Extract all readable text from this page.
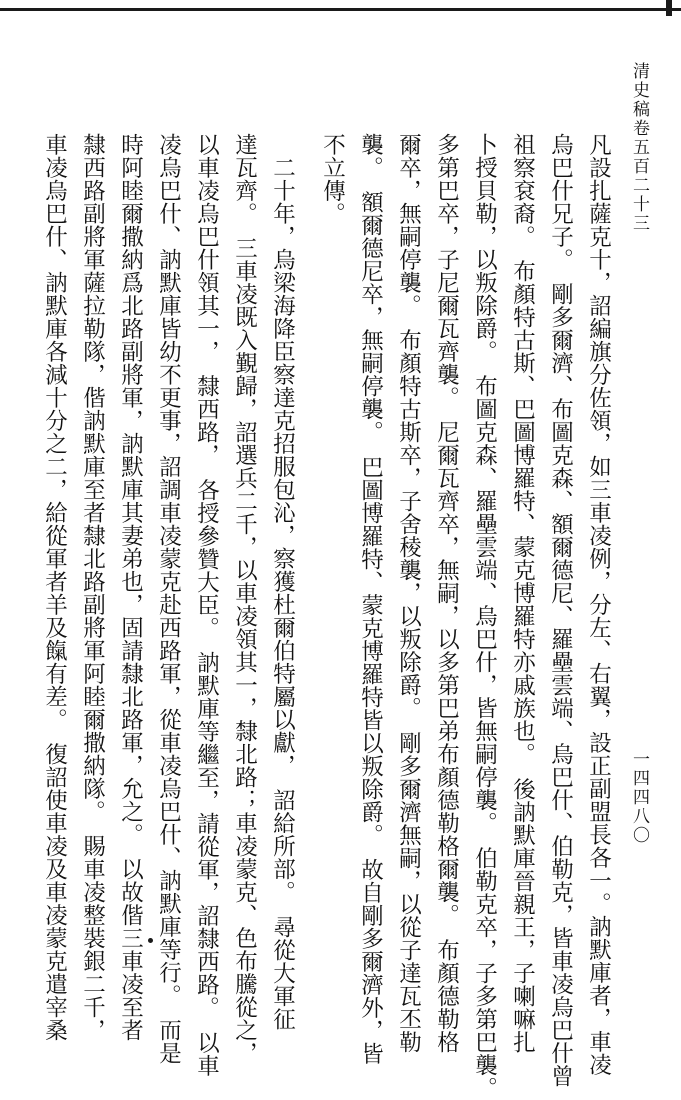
清史稿卷五百二十三
一四四八〇
凡設扎薩克十，詔編旗分佐領，如三車凌例，分左、右翼，設正副盟長各一。訥默庫者，車凌
烏巴什兄子。　剛多爾濟、布圖克森、額爾德尼、羅壘雲端、烏巴什、伯勒克，皆車凌烏巴什曾
祖察袞裔。　布顏特古斯、巴圖博羅特、蒙克博羅特亦戚族也。　後訥默庫晉親王，子喇嘛扎
卜授貝勒，以叛除爵。　布圖克森、羅壘雲端、烏巴什，皆無嗣停襲。　伯勒克卒，子多第巴襲。
多第巴卒，子尼爾瓦齊襲。　尼爾瓦齊卒，無嗣，以多第巴弟布顏德勒格爾襲。　布顏德勒格
爾卒，無嗣停襲。　布顏特古斯卒，子舍稜襲，以叛除爵。　剛多爾濟無嗣，以從子達瓦丕勒
襲。　額爾德尼卒，無嗣停襲。　巴圖博羅特、蒙克博羅特皆以叛除爵。　故自剛多爾濟外，皆
不立傳。
　二十年，烏梁海降臣察達克招服包沁，察獲杜爾伯特屬以獻，　詔給所部。　尋從大軍征
達瓦齊。　三車凌既入覲歸，詔選兵二千，以車凌領其一，隸北路；車凌蒙克、色布騰從之，
以車凌烏巴什領其一，　隸西路，　各授參贊大臣。　訥默庫等繼至，請從軍，詔隸西路。　以車
凌烏巴什、訥默庫皆幼不更事，詔調車凌蒙克赴西路軍，從車凌烏巴什、訥默庫等行。　而是
時阿睦爾撒納爲北路副將軍，訥默庫其妻弟也，固請隸北路軍，允之。　以故偕三車凌至者
隸西路副將軍薩拉勒隊，偕訥默庫至者隸北路副將軍阿睦爾撒納隊。　賜車凌整裝銀二千，
車凌烏巴什、訥默庫各減十分之二，給從軍者羊及餼有差。　復詔使車凌及車凌蒙克遣宰桑
